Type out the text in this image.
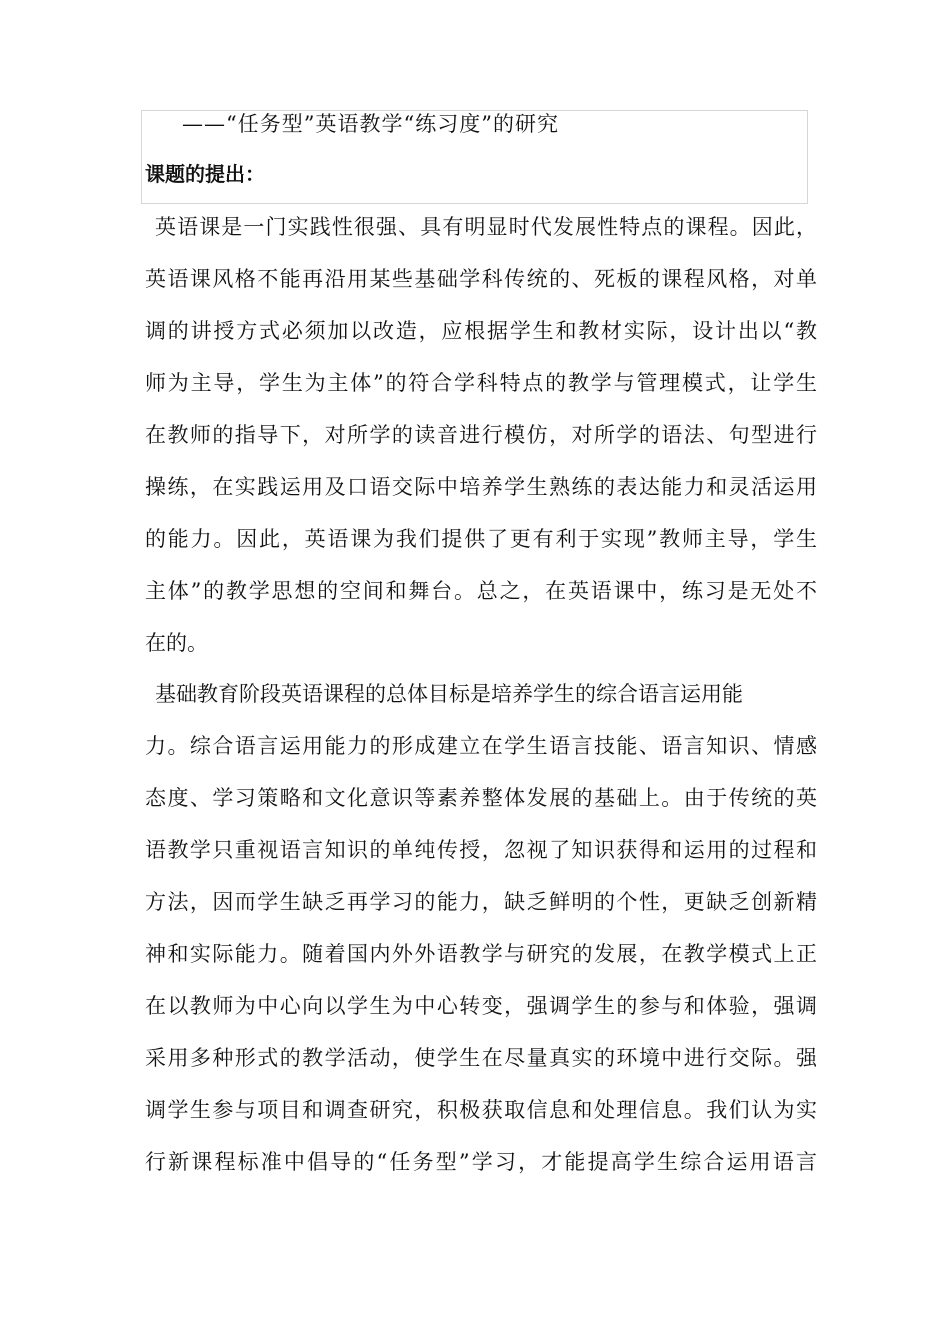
——“任务型”英语教学“练习度”的研究
课题的提出：
英语课是一门实践性很强、具有明显时代发展性特点的课程。因此，
英语课风格不能再沿用某些基础学科传统的、死板的课程风格，对单
调的讲授方式必须加以改造，应根据学生和教材实际，设计出以“教
师为主导，学生为主体”的符合学科特点的教学与管理模式，让学生
在教师的指导下，对所学的读音进行模仿，对所学的语法、句型进行
操练，在实践运用及口语交际中培养学生熟练的表达能力和灵活运用
的能力。因此，英语课为我们提供了更有利于实现”教师主导，学生
主体”的教学思想的空间和舞台。总之，在英语课中，练习是无处不
在的。
基础教育阶段英语课程的总体目标是培养学生的综合语言运用能
力。综合语言运用能力的形成建立在学生语言技能、语言知识、情感
态度、学习策略和文化意识等素养整体发展的基础上。由于传统的英
语教学只重视语言知识的单纯传授，忽视了知识获得和运用的过程和
方法，因而学生缺乏再学习的能力，缺乏鲜明的个性，更缺乏创新精
神和实际能力。随着国内外外语教学与研究的发展，在教学模式上正
在以教师为中心向以学生为中心转变，强调学生的参与和体验，强调
采用多种形式的教学活动，使学生在尽量真实的环境中进行交际。强
调学生参与项目和调查研究，积极获取信息和处理信息。我们认为实
行新课程标准中倡导的“任务型”学习，才能提高学生综合运用语言
